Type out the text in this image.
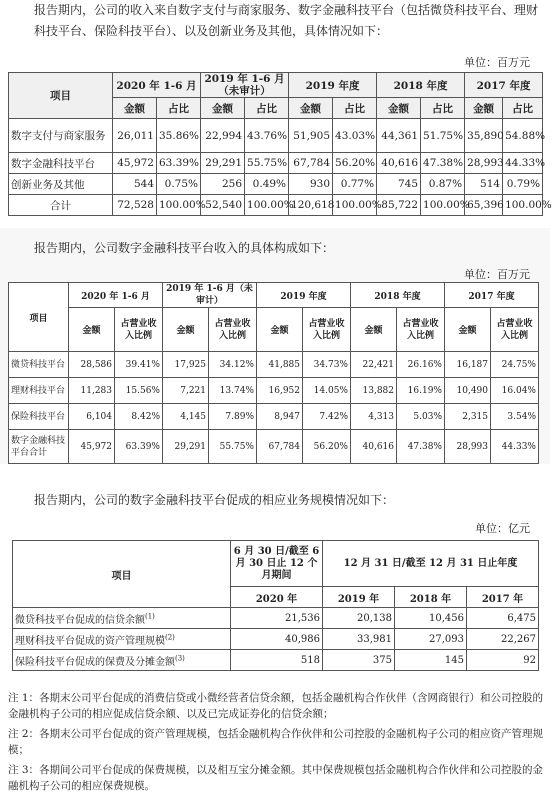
报告期内，公司的收入来自数字支付与商家服务、数字金融科技平台（包括微贷科技平台、理财科技平台、保险科技平台）、以及创新业务及其他，具体情况如下：

单位：百万元
项目	2020 年 1-6 月		2019 年 1-6 月（未审计）		2019 年度		2018 年度		2017 年度	
	金额	占比	金额	占比	金额	占比	金额	占比	金额	占比
数字支付与商家服务	26,011	35.86%	22,994	43.76%	51,905	43.03%	44,361	51.75%	35,890	54.88%
数字金融科技平台	45,972	63.39%	29,291	55.75%	67,784	56.20%	40,616	47.38%	28,993	44.33%
创新业务及其他	544	0.75%	256	0.49%	930	0.77%	745	0.87%	514	0.79%
合计	72,528	100.00%	52,540	100.00%	120,618	100.00%	85,722	100.00%	65,396	100.00%

报告期内，公司数字金融科技平台收入的具体构成如下：

单位：百万元
项目	2020 年 1-6 月		2019 年 1-6 月（未审计）		2019 年度		2018 年度		2017 年度	
	金额	占营业收入比例	金额	占营业收入比例	金额	占营业收入比例	金额	占营业收入比例	金额	占营业收入比例
微贷科技平台	28,586	39.41%	17,925	34.12%	41,885	34.73%	22,421	26.16%	16,187	24.75%
理财科技平台	11,283	15.56%	7,221	13.74%	16,952	14.05%	13,882	16.19%	10,490	16.04%
保险科技平台	6,104	8.42%	4,145	7.89%	8,947	7.42%	4,313	5.03%	2,315	3.54%
数字金融科技平台合计	45,972	63.39%	29,291	55.75%	67,784	56.20%	40,616	47.38%	28,993	44.33%

报告期内，公司的数字金融科技平台促成的相应业务规模情况如下：

单位：亿元
项目	6 月 30 日/截至 6 月 30 日止 12 个月期间	12 月 31 日/截至 12 月 31 日止年度		
	2020 年	2019 年	2018 年	2017 年
微贷科技平台促成的信贷余额$^{(1)}$	21,536	20,138	10,456	6,475
理财科技平台促成的资产管理规模$^{(2)}$	40,986	33,981	27,093	22,267
保险科技平台促成的保费及分摊金额$^{(3)}$	518	375	145	92

注 1：各期末公司平台促成的消费信贷或小微经营者信贷余额，包括金融机构合作伙伴（含网商银行）和公司控股的金融机构子公司的相应促成信贷余额、以及已完成证券化的信贷余额；

注 2：各期末公司平台促成的资产管理规模，包括金融机构合作伙伴和公司控股的金融机构子公司的相应资产管理规模；

注 3：各期间公司平台促成的保费规模，以及相互宝分摊金额。其中保费规模包括金融机构合作伙伴和公司控股的金融机构子公司的相应保费规模。
